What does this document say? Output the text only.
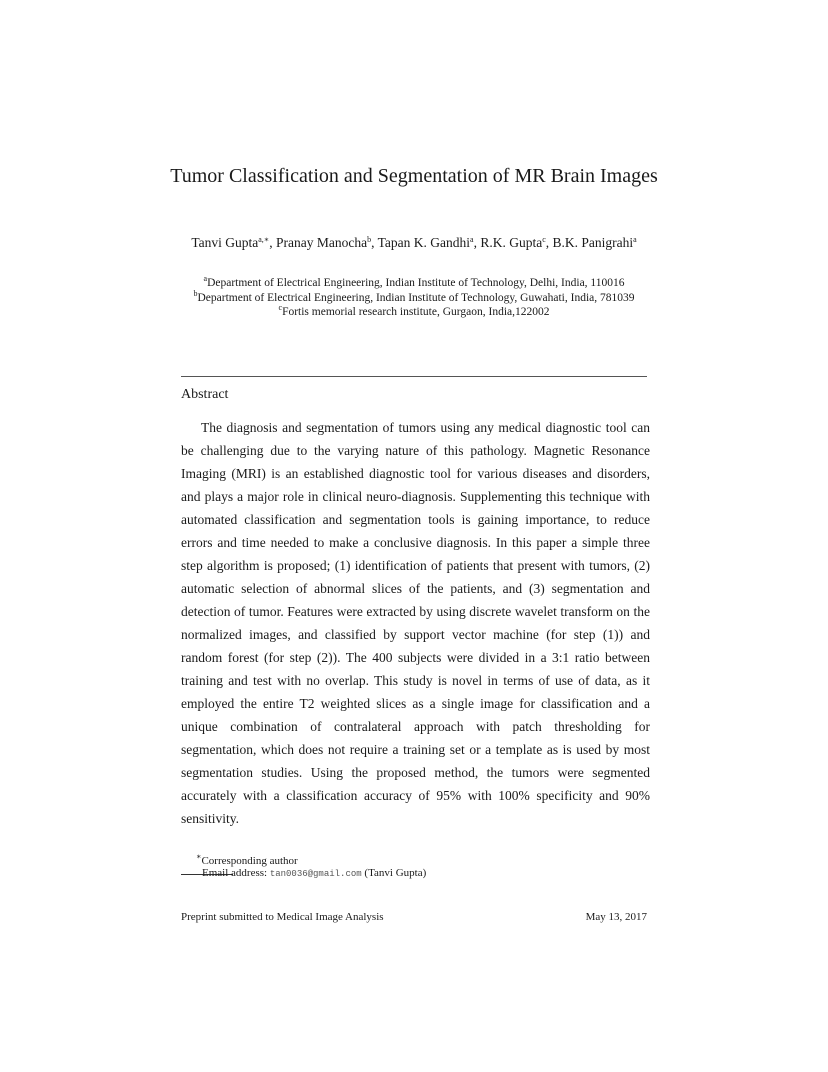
Tumor Classification and Segmentation of MR Brain Images
Tanvi Gupta$^{a,∗}$, Pranay Manocha$^b$, Tapan K. Gandhi$^a$, R.K. Gupta$^c$, B.K. Panigrahi$^a$
$^a$Department of Electrical Engineering, Indian Institute of Technology, Delhi, India, 110016
$^b$Department of Electrical Engineering, Indian Institute of Technology, Guwahati, India, 781039
$^c$Fortis memorial research institute, Gurgaon, India,122002
Abstract

The diagnosis and segmentation of tumors using any medical diagnostic tool can be challenging due to the varying nature of this pathology. Magnetic Resonance Imaging (MRI) is an established diagnostic tool for various diseases and disorders, and plays a major role in clinical neuro-diagnosis. Supplementing this technique with automated classification and segmentation tools is gaining importance, to reduce errors and time needed to make a conclusive diagnosis. In this paper a simple three step algorithm is proposed; (1) identification of patients that present with tumors, (2) automatic selection of abnormal slices of the patients, and (3) segmentation and detection of tumor. Features were extracted by using discrete wavelet transform on the normalized images, and classified by support vector machine (for step (1)) and random forest (for step (2)). The 400 subjects were divided in a 3:1 ratio between training and test with no overlap. This study is novel in terms of use of data, as it employed the entire T2 weighted slices as a single image for classification and a unique combination of contralateral approach with patch thresholding for segmentation, which does not require a training set or a template as is used by most segmentation studies. Using the proposed method, the tumors were segmented accurately with a classification accuracy of 95% with 100% specificity and 90% sensitivity.

∗Corresponding author
Email address: tan0036@gmail.com (Tanvi Gupta)
Preprint submitted to Medical Image Analysis	May 13, 2017
